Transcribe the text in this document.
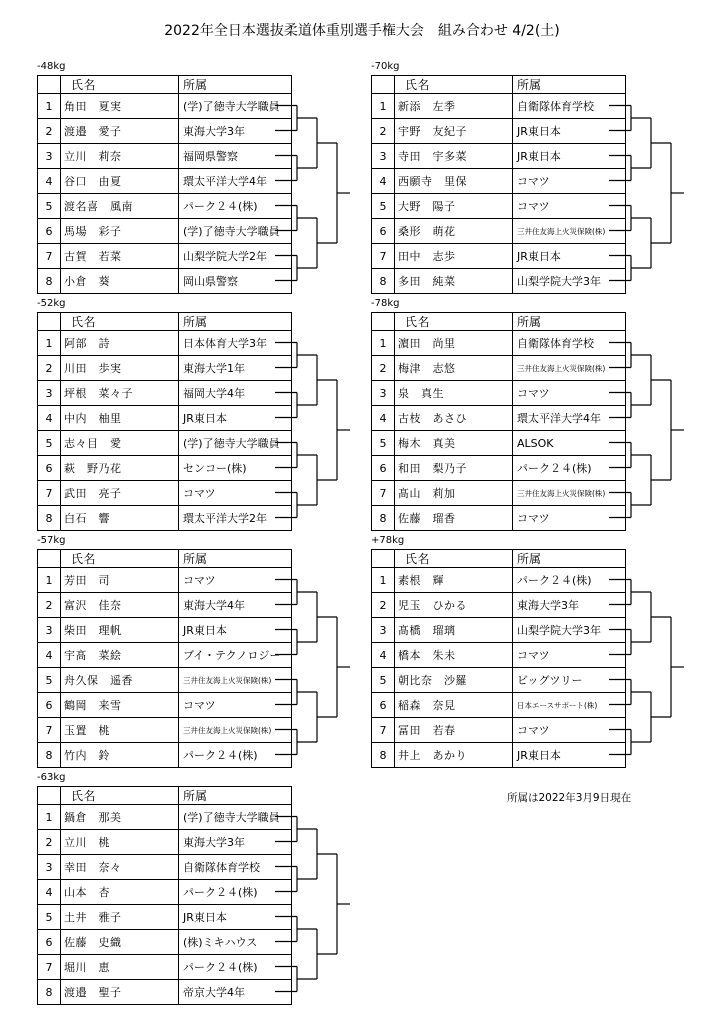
2022年全日本選抜柔道体重別選手権大会　組み合わせ 4/2(土)
所属は2022年3月9日現在
-48kg
	氏名	所属
1	角田　夏実	(学)了徳寺大学職員
2	渡邉　愛子	東海大学3年
3	立川　莉奈	福岡県警察
4	谷口　由夏	環太平洋大学4年
5	渡名喜　風南	パーク２４(株)
6	馬場　彩子	(学)了徳寺大学職員
7	古賀　若菜	山梨学院大学2年
8	小倉　葵	岡山県警察
-52kg
	氏名	所属
1	阿部　詩	日本体育大学3年
2	川田　歩実	東海大学1年
3	坪根　菜々子	福岡大学4年
4	中内　柚里	JR東日本
5	志々目　愛	(学)了徳寺大学職員
6	萩　野乃花	センコー(株)
7	武田　亮子	コマツ
8	白石　響	環太平洋大学2年
-57kg
	氏名	所属
1	芳田　司	コマツ
2	富沢　佳奈	東海大学4年
3	柴田　理帆	JR東日本
4	宇髙　菜絵	ブイ・テクノロジー
5	舟久保　遥香	三井住友海上火災保険(株)
6	鶴岡　来雪	コマツ
7	玉置　桃	三井住友海上火災保険(株)
8	竹内　鈴	パーク２４(株)
-63kg
	氏名	所属
1	鍋倉　那美	(学)了徳寺大学職員
2	立川　桃	東海大学3年
3	幸田　奈々	自衛隊体育学校
4	山本　杏	パーク２４(株)
5	土井　雅子	JR東日本
6	佐藤　史織	(株)ミキハウス
7	堀川　恵	パーク２４(株)
8	渡邉　聖子	帝京大学4年
-70kg
	氏名	所属
1	新添　左季	自衛隊体育学校
2	宇野　友紀子	JR東日本
3	寺田　宇多菜	JR東日本
4	西願寺　里保	コマツ
5	大野　陽子	コマツ
6	桑形　萌花	三井住友海上火災保険(株)
7	田中　志歩	JR東日本
8	多田　純菜	山梨学院大学3年
-78kg
	氏名	所属
1	濵田　尚里	自衛隊体育学校
2	梅津　志悠	三井住友海上火災保険(株)
3	泉　真生	コマツ
4	古枝　あさひ	環太平洋大学4年
5	梅木　真美	ALSOK
6	和田　梨乃子	パーク２４(株)
7	髙山　莉加	三井住友海上火災保険(株)
8	佐藤　瑠香	コマツ
+78kg
	氏名	所属
1	素根　輝	パーク２４(株)
2	児玉　ひかる	東海大学3年
3	髙橋　瑠璃	山梨学院大学3年
4	橋本　朱未	コマツ
5	朝比奈　沙羅	ビッグツリー
6	稲森　奈見	日本エースサポート(株)
7	冨田　若春	コマツ
8	井上　あかり	JR東日本
